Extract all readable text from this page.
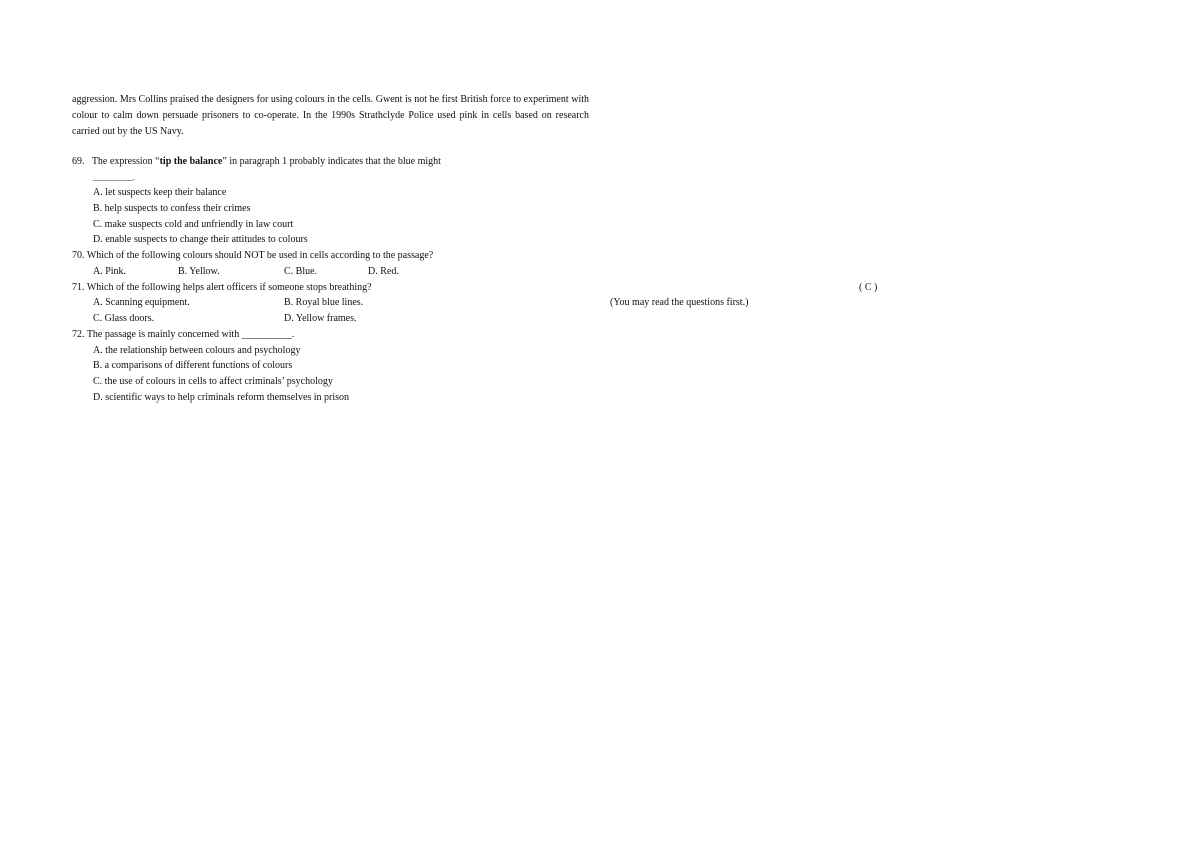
aggression. Mrs Collins praised the designers for using colours in the cells. Gwent is not he first British force to experiment with colour to calm down persuade prisoners to co-operate. In the 1990s Strathclyde Police used pink in cells based on research carried out by the US Navy.
69. The expression “tip the balance” in paragraph 1 probably indicates that the blue might
__________.
A. let suspects keep their balance
B. help suspects to confess their crimes
C. make suspects cold and unfriendly in law court
D. enable suspects to change their attitudes to colours
70. Which of the following colours should NOT be used in cells according to the passage?
A. Pink.	B. Yellow.	C. Blue.	D. Red.
71. Which of the following helps alert officers if someone stops breathing?	( C )
A. Scanning equipment.	B. Royal blue lines.	(You may read the questions first.)
C. Glass doors.	D. Yellow frames.
72. The passage is mainly concerned with __________.
A. the relationship between colours and psychology
B. a comparisons of different functions of colours
C. the use of colours in cells to affect criminals’ psychology
D. scientific ways to help criminals reform themselves in prison
